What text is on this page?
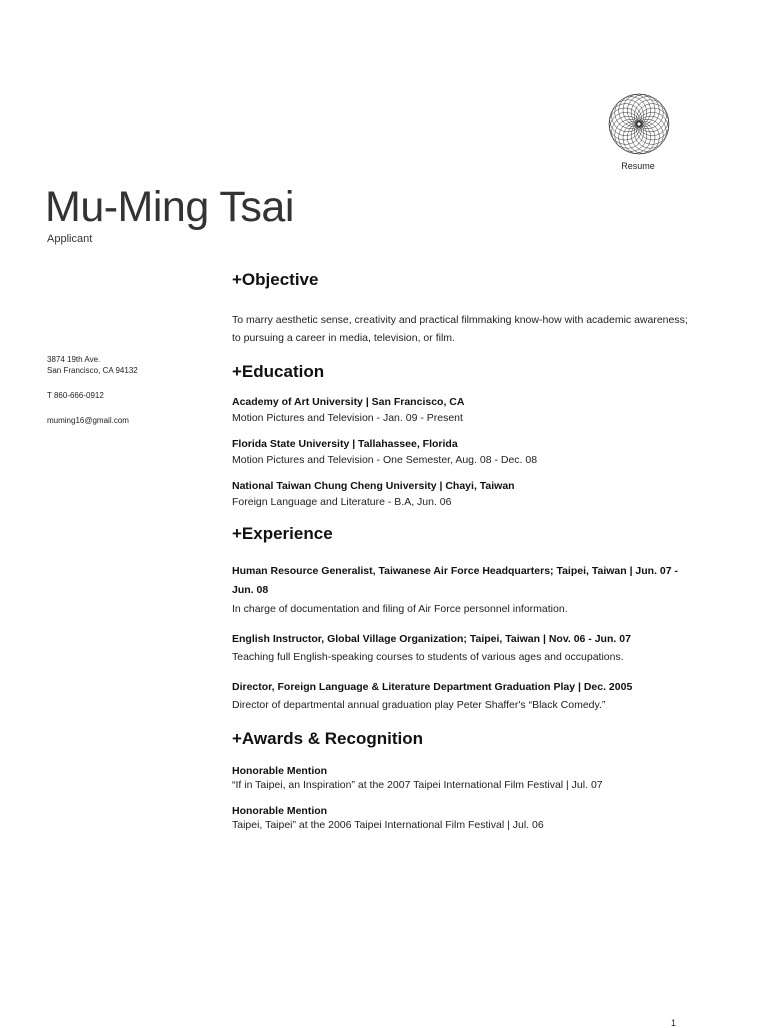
Resume
Mu-Ming Tsai
Applicant
3874 19th Ave.
San Francisco, CA 94132
T 860-666-0912
muming16@gmail.com
+Objective
To marry aesthetic sense, creativity and practical filmmaking know-how with academic awareness; to pursuing a career in media, television, or film.
+Education
Academy of Art University | San Francisco, CA
Motion Pictures and Television - Jan. 09 - Present
Florida State University | Tallahassee, Florida
Motion Pictures and Television - One Semester, Aug. 08 - Dec. 08
National Taiwan Chung Cheng University | Chayi, Taiwan
Foreign Language and Literature - B.A, Jun. 06
+Experience
Human Resource Generalist, Taiwanese Air Force Headquarters; Taipei, Taiwan | Jun. 07 - Jun. 08
In charge of documentation and filing of Air Force personnel information.
English Instructor, Global Village Organization; Taipei, Taiwan | Nov. 06 - Jun. 07
Teaching full English-speaking courses to students of various ages and occupations.
Director, Foreign Language & Literature Department Graduation Play | Dec. 2005
Director of departmental annual graduation play Peter Shaffer's “Black Comedy.”
+Awards & Recognition
Honorable Mention
“If in Taipei, an Inspiration” at the 2007 Taipei International Film Festival | Jul. 07
Honorable Mention
Taipei, Taipei” at the 2006 Taipei International Film Festival | Jul. 06
1
